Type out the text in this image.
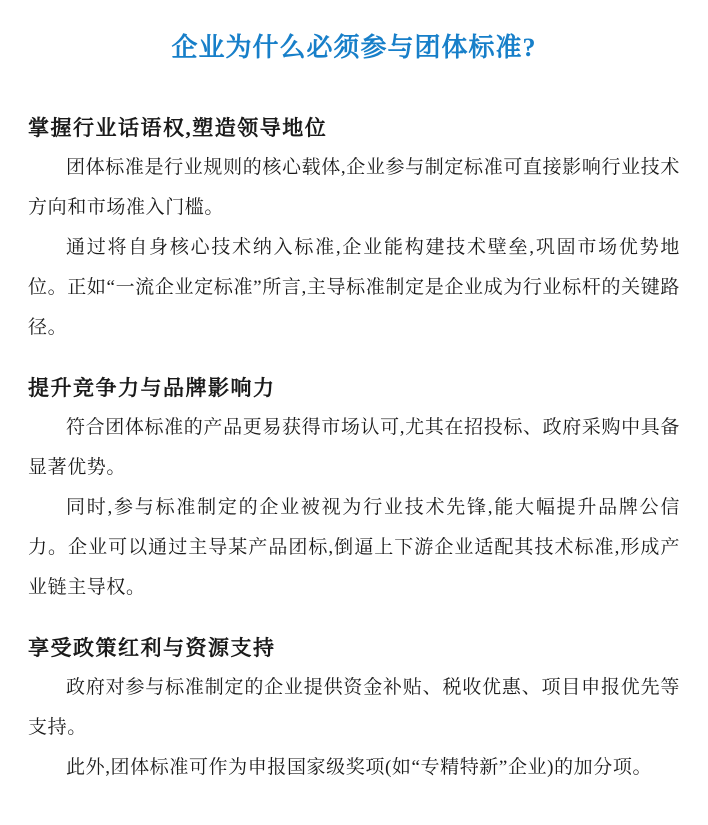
企业为什么必须参与团体标准?
掌握行业话语权,塑造领导地位

团体标准是行业规则的核心载体,企业参与制定标准可直接影响行业技术方向和市场准入门槛。

通过将自身核心技术纳入标准,企业能构建技术壁垒,巩固市场优势地位。正如“一流企业定标准”所言,主导标准制定是企业成为行业标杆的关键路径。

提升竞争力与品牌影响力

符合团体标准的产品更易获得市场认可,尤其在招投标、政府采购中具备显著优势。

同时,参与标准制定的企业被视为行业技术先锋,能大幅提升品牌公信力。企业可以通过主导某产品团标,倒逼上下游企业适配其技术标准,形成产业链主导权。

享受政策红利与资源支持

政府对参与标准制定的企业提供资金补贴、税收优惠、项目申报优先等支持。

此外,团体标准可作为申报国家级奖项(如“专精特新”企业)的加分项。
